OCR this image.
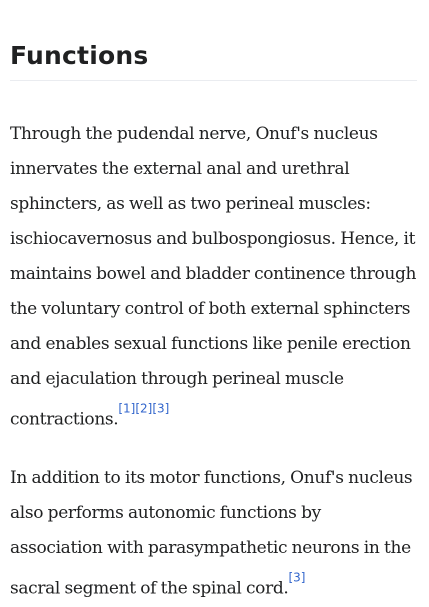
Functions

Through the pudendal nerve, Onuf's nucleus innervates the external anal and urethral sphincters, as well as two perineal muscles: ischiocavernosus and bulbospongiosus. Hence, it maintains bowel and bladder continence through the voluntary control of both external sphincters and enables sexual functions like penile erection and ejaculation through perineal muscle contractions.[1][2][3]

In addition to its motor functions, Onuf's nucleus also performs autonomic functions by association with parasympathetic neurons in the sacral segment of the spinal cord.[3]
